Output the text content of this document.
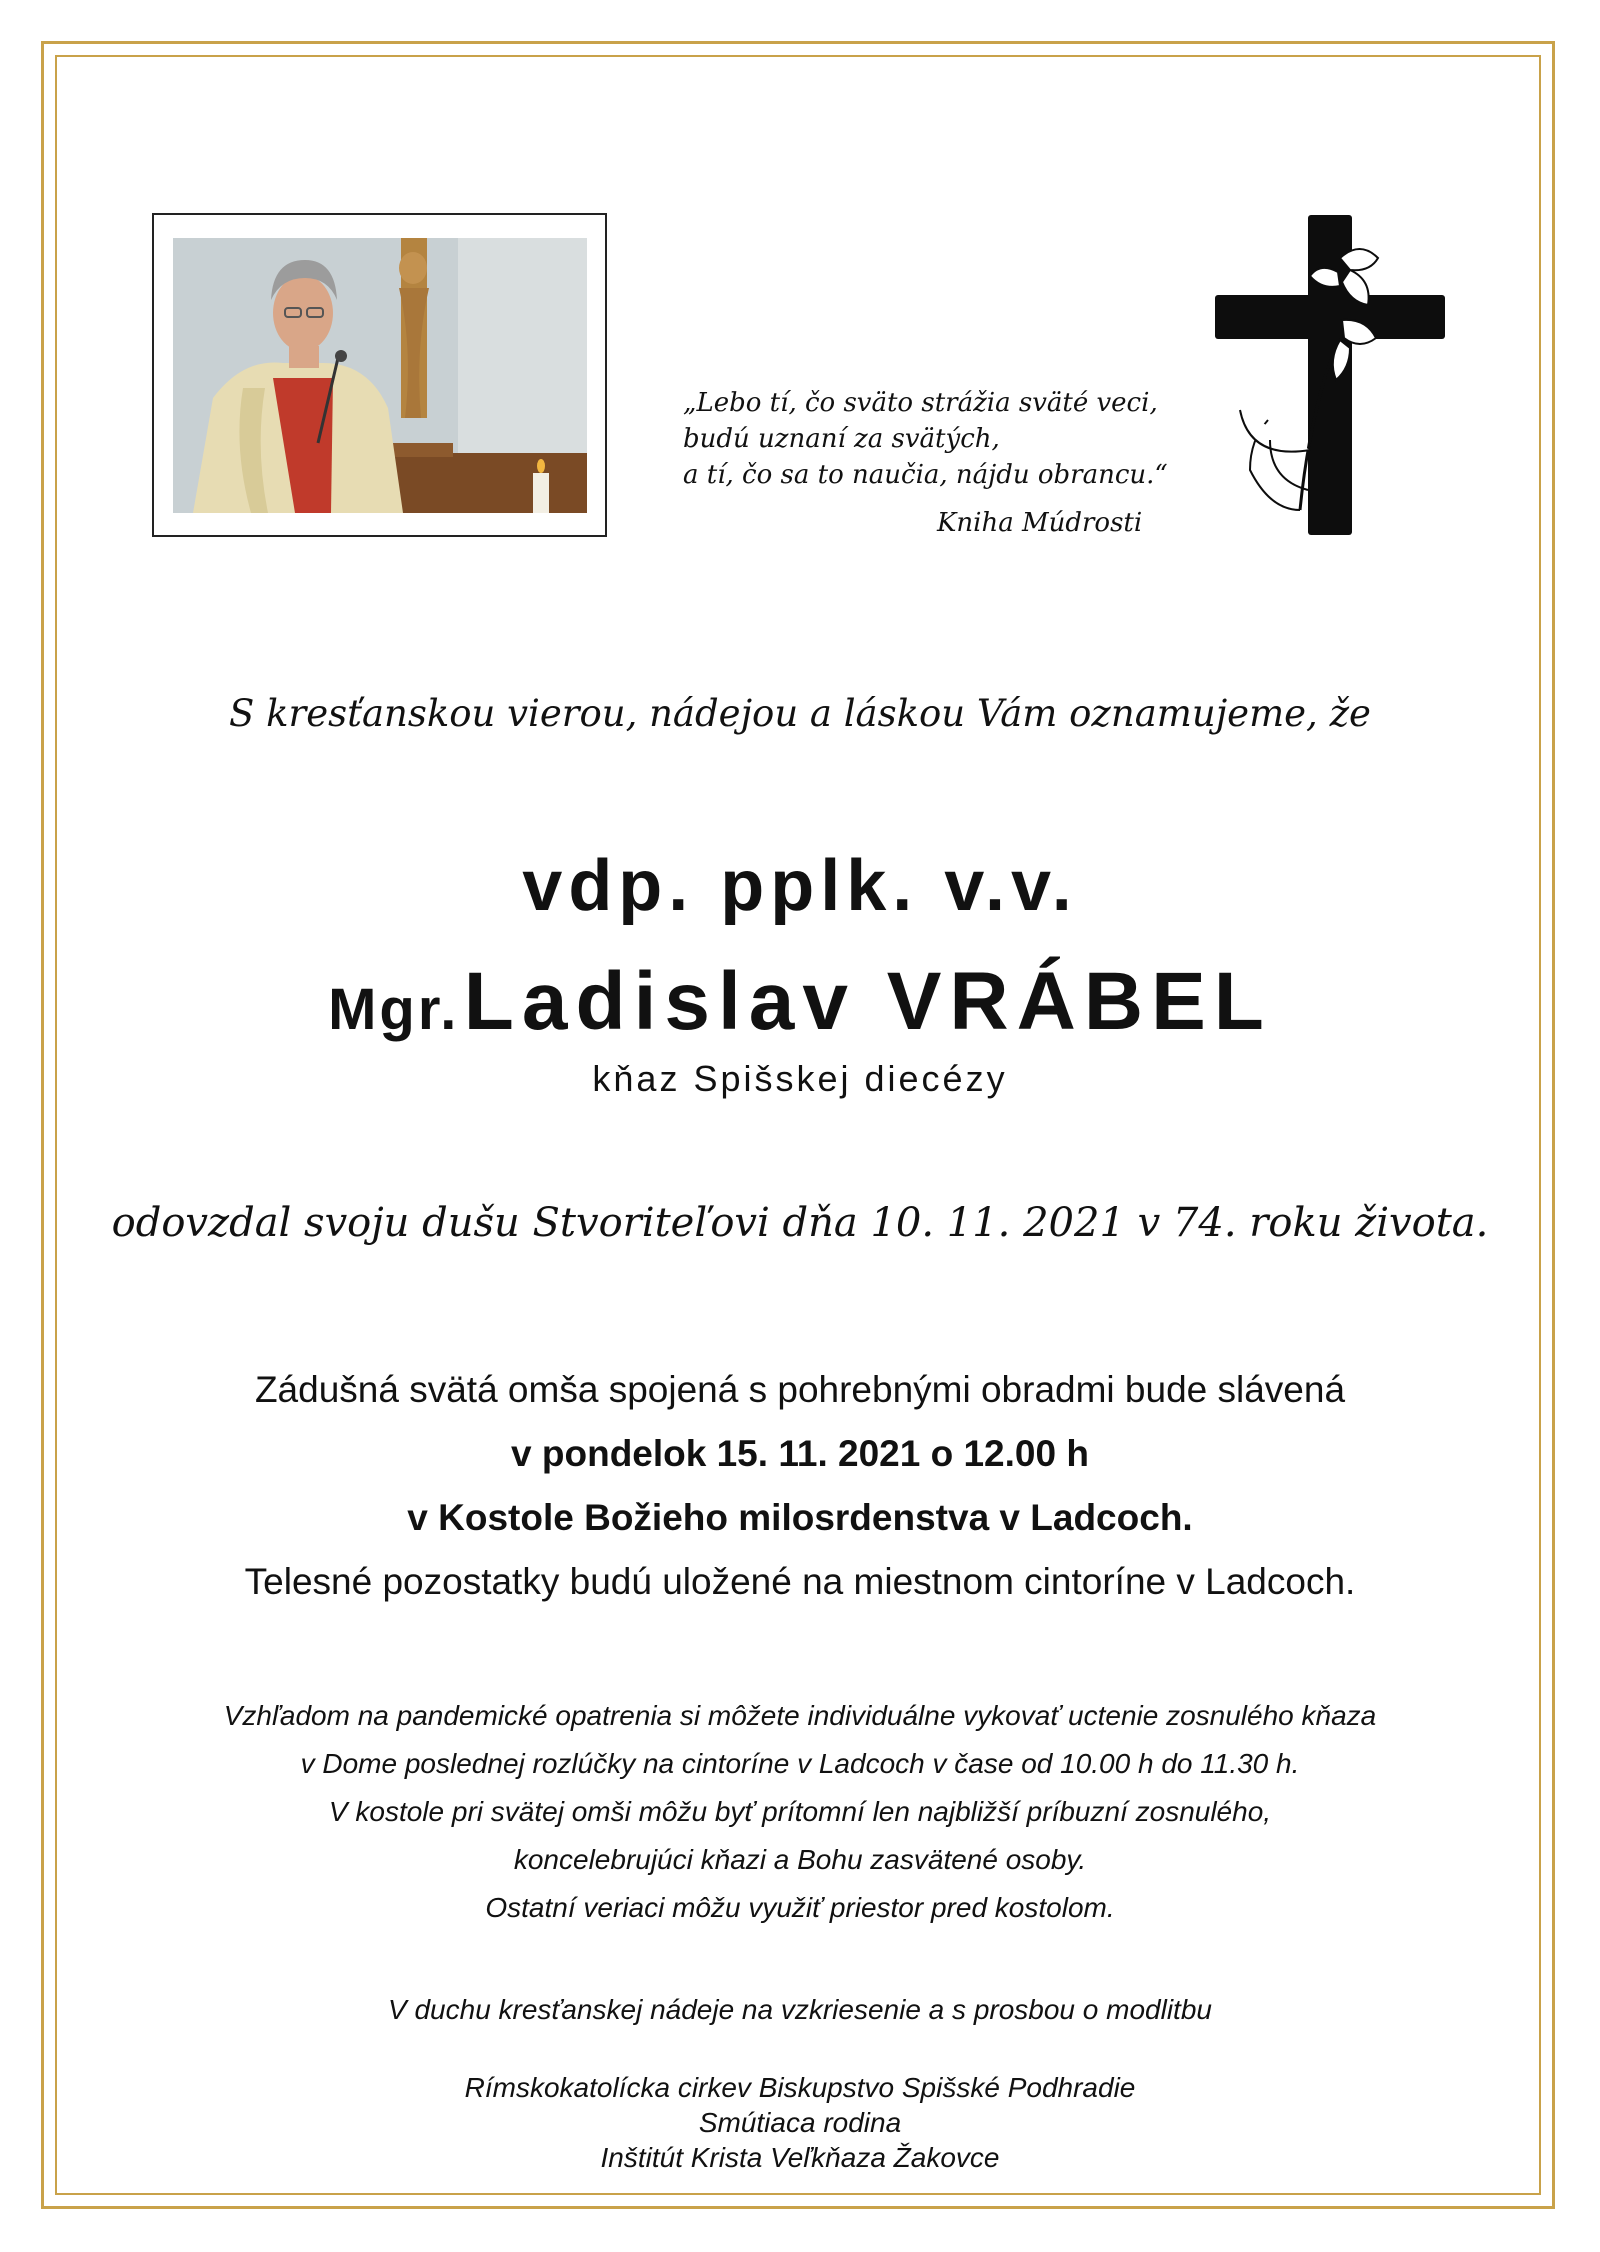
„Lebo tí, čo sväto strážia sväté veci,
budú uznaní za svätých,
a tí, čo sa to naučia, nájdu obrancu.“
Kniha Múdrosti
S kresťanskou vierou, nádejou a láskou Vám oznamujeme, že
vdp. pplk. v.v.
Mgr. Ladislav VRÁBEL
kňaz Spišskej diecézy
odovzdal svoju dušu Stvoriteľovi dňa 10. 11. 2021 v 74. roku života.
Zádušná svätá omša spojená s pohrebnými obradmi bude slávená
v pondelok 15. 11. 2021 o 12.00 h
v Kostole Božieho milosrdenstva v Ladcoch.
Telesné pozostatky budú uložené na miestnom cintoríne v Ladcoch.
Vzhľadom na pandemické opatrenia si môžete individuálne vykovať uctenie zosnulého kňaza
v Dome poslednej rozlúčky na cintoríne v Ladcoch v čase od 10.00 h do 11.30 h.
V kostole pri svätej omši môžu byť prítomní len najbližší príbuzní zosnulého,
koncelebrujúci kňazi a Bohu zasvätené osoby.
Ostatní veriaci môžu využiť priestor pred kostolom.
V duchu kresťanskej nádeje na vzkriesenie a s prosbou o modlitbu
Rímskokatolícka cirkev Biskupstvo Spišské Podhradie
Smútiaca rodina
Inštitút Krista Veľkňaza Žakovce
